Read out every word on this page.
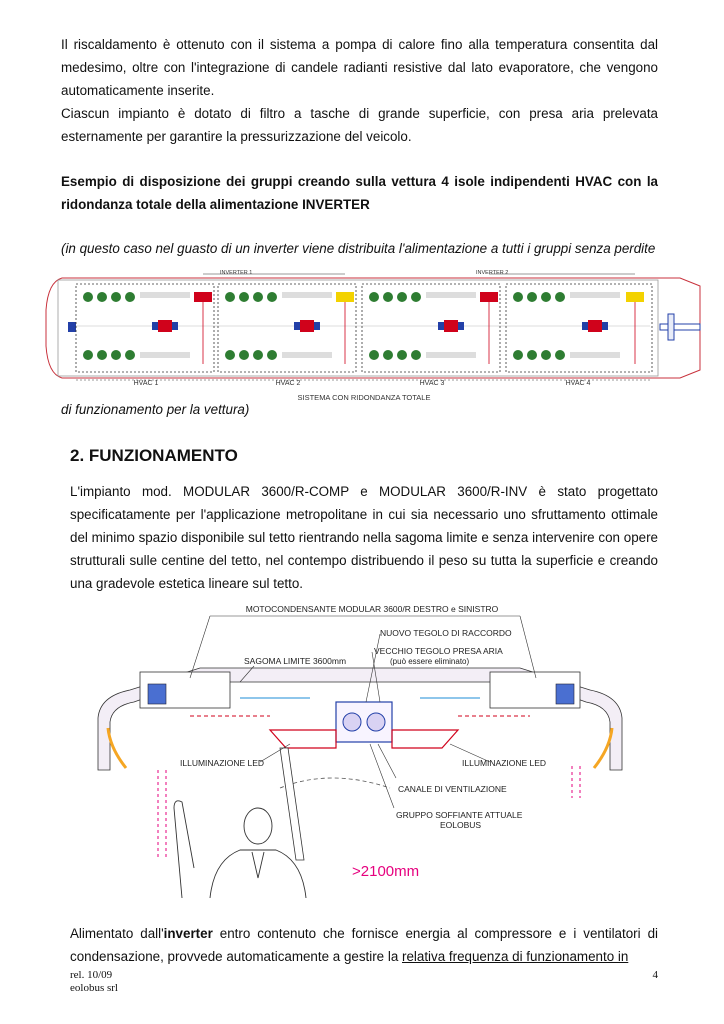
Il riscaldamento è ottenuto con il sistema a pompa di calore fino alla temperatura consentita dal medesimo, oltre con l'integrazione di candele radianti resistive dal lato evaporatore, che vengono automaticamente inserite.
Ciascun impianto è dotato di filtro a tasche di grande superficie, con presa aria prelevata esternamente per garantire la pressurizzazione del veicolo.
Esempio di disposizione dei gruppi creando sulla vettura 4 isole indipendenti HVAC con la ridondanza totale della alimentazione INVERTER
(in questo caso nel guasto di un inverter viene distribuita l'alimentazione a tutti i gruppi senza perdite
INVERTER 1	INVERTER 2
HVAC 1	HVAC 2	HVAC 3	HVAC 4
SISTEMA CON RIDONDANZA TOTALE
di funzionamento per la vettura)
2. FUNZIONAMENTO
L'impianto mod. MODULAR 3600/R-COMP e MODULAR 3600/R-INV è stato progettato specificatamente per l'applicazione metropolitane in cui sia necessario uno sfruttamento ottimale del minimo spazio disponibile sul tetto rientrando nella sagoma limite e senza intervenire con opere strutturali sulle centine del tetto, nel contempo distribuendo il peso su tutta la superficie e creando una gradevole estetica lineare sul tetto.
MOTOCONDENSANTE MODULAR 3600/R DESTRO e SINISTRO
NUOVO TEGOLO DI RACCORDO
VECCHIO TEGOLO PRESA ARIA
(può essere eliminato)
SAGOMA LIMITE 3600mm
ILLUMINAZIONE LED	ILLUMINAZIONE LED
CANALE DI VENTILAZIONE
GRUPPO SOFFIANTE ATTUALE
EOLOBUS
>2100mm
Alimentato dall'inverter entro contenuto che fornisce energia al compressore e i ventilatori di condensazione, provvede automaticamente a gestire la relativa frequenza di funzionamento in
rel. 10/09
eolobus srl
4
